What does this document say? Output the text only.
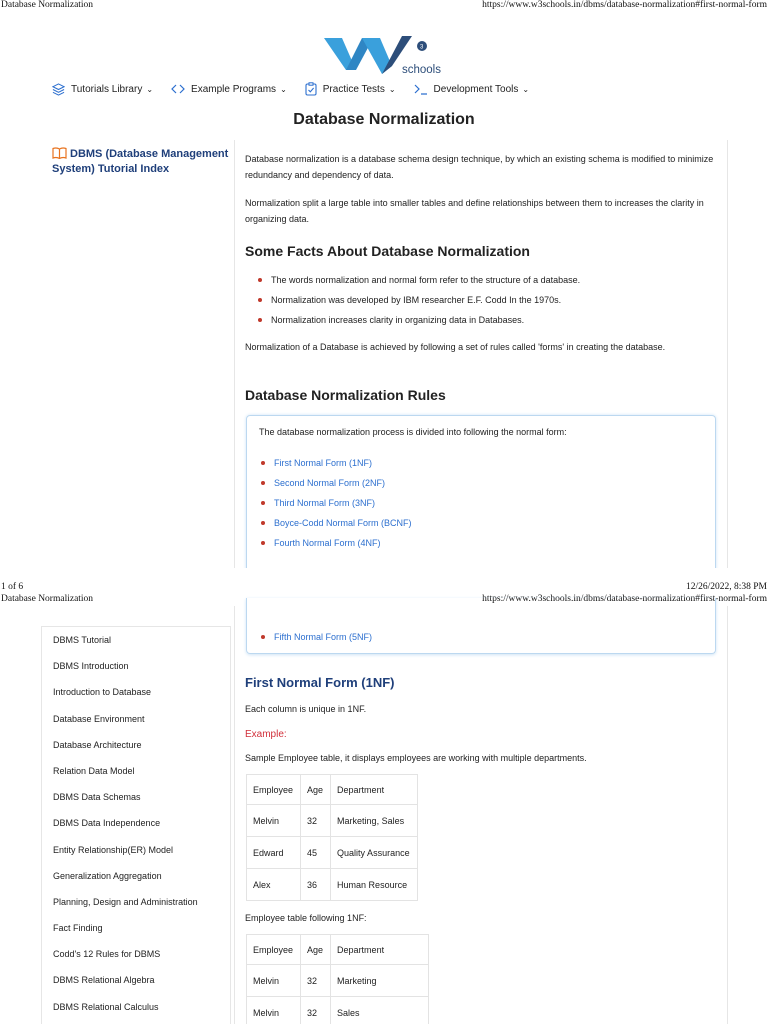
Database Normalization	https://www.w3schools.in/dbms/database-normalization#first-normal-form
3
schools
Tutorials Library ⌄	Example Programs ⌄	Practice Tests ⌄	Development Tools ⌄
Database Normalization
DBMS (Database Management System) Tutorial Index
Database normalization is a database schema design technique, by which an existing schema is modified to minimize redundancy and dependency of data.
Normalization split a large table into smaller tables and define relationships between them to increases the clarity in organizing data.
Some Facts About Database Normalization
The words normalization and normal form refer to the structure of a database.
Normalization was developed by IBM researcher E.F. Codd In the 1970s.
Normalization increases clarity in organizing data in Databases.
Normalization of a Database is achieved by following a set of rules called 'forms' in creating the database.
Database Normalization Rules
The database normalization process is divided into following the normal form:
First Normal Form (1NF)
Second Normal Form (2NF)
Third Normal Form (3NF)
Boyce-Codd Normal Form (BCNF)
Fourth Normal Form (4NF)
1 of 6	12/26/2022, 8:38 PM
Database Normalization	https://www.w3schools.in/dbms/database-normalization#first-normal-form
DBMS Tutorial
DBMS Introduction
Introduction to Database
Database Environment
Database Architecture
Relation Data Model
DBMS Data Schemas
DBMS Data Independence
Entity Relationship(ER) Model
Generalization Aggregation
Planning, Design and Administration
Fact Finding
Codd's 12 Rules for DBMS
DBMS Relational Algebra
DBMS Relational Calculus
Fifth Normal Form (5NF)
First Normal Form (1NF)
Each column is unique in 1NF.
Example:
Sample Employee table, it displays employees are working with multiple departments.
Employee	Age	Department
Melvin	32	Marketing, Sales
Edward	45	Quality Assurance
Alex	36	Human Resource
Employee table following 1NF:
Employee	Age	Department
Melvin	32	Marketing
Melvin	32	Sales
